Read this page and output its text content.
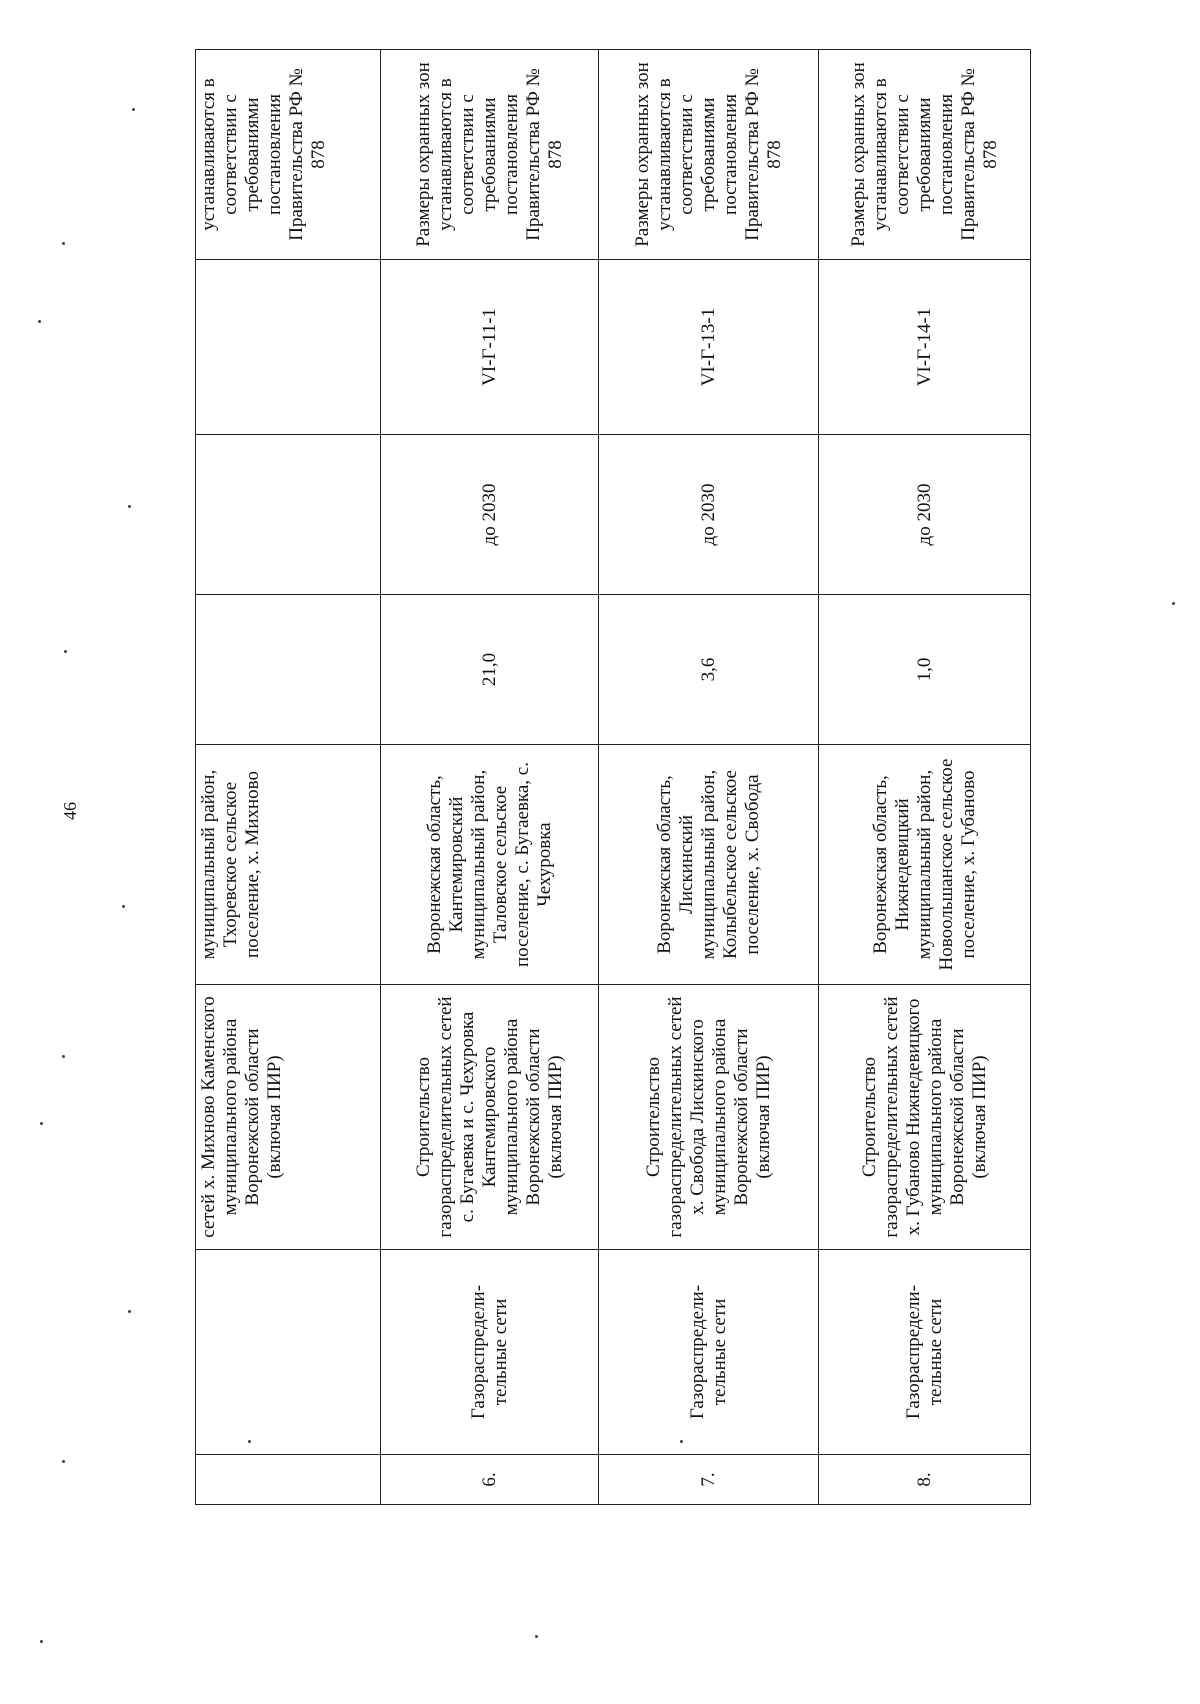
46
		сетей х. Михново Каменского муниципального района Воронежской области (включая ПИР)	муниципальный район, Тхоревское сельское поселение, х. Михново				устанавливаются в соответствии с требованиями постановления Правительства РФ № 878
6.	Газораспредели-тельные сети	Строительство газораспределительных сетей с. Бугаевка и с. Чехуровка Кантемировского муниципального района Воронежской области (включая ПИР)	Воронежская область, Кантемировский муниципальный район, Таловское сельское поселение, с. Бугаевка, с. Чехуровка	21,0	до 2030	VI-Г-11-1	Размеры охранных зон устанавливаются в соответствии с требованиями постановления Правительства РФ № 878
7.	Газораспредели-тельные сети	Строительство газораспределительных сетей х. Свобода Лискинского муниципального района Воронежской области (включая ПИР)	Воронежская область, Лискинский муниципальный район, Колыбельское сельское поселение, х. Свобода	3,6	до 2030	VI-Г-13-1	Размеры охранных зон устанавливаются в соответствии с требованиями постановления Правительства РФ № 878
8.	Газораспредели-тельные сети	Строительство газораспределительных сетей х. Губаново Нижнедевицкого муниципального района Воронежской области (включая ПИР)	Воронежская область, Нижнедевицкий муниципальный район, Новоольшанское сельское поселение, х. Губаново	1,0	до 2030	VI-Г-14-1	Размеры охранных зон устанавливаются в соответствии с требованиями постановления Правительства РФ № 878
